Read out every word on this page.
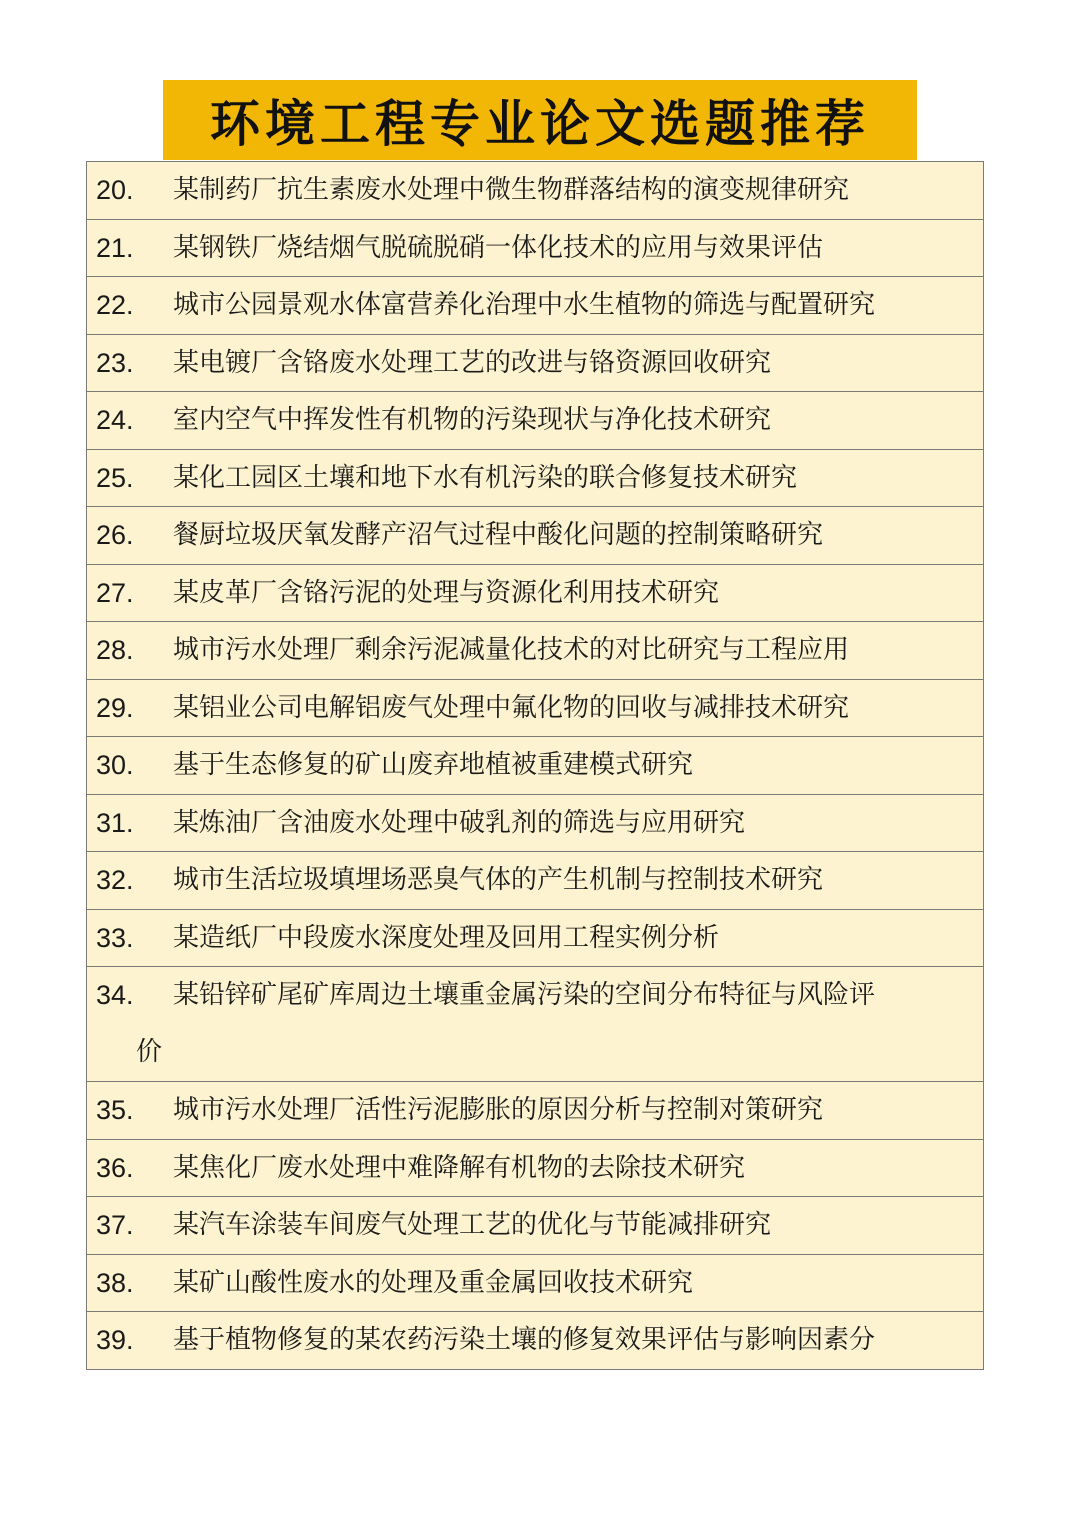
环境工程专业论文选题推荐
20. 某制药厂抗生素废水处理中微生物群落结构的演变规律研究
21. 某钢铁厂烧结烟气脱硫脱硝一体化技术的应用与效果评估
22. 城市公园景观水体富营养化治理中水生植物的筛选与配置研究
23. 某电镀厂含铬废水处理工艺的改进与铬资源回收研究
24. 室内空气中挥发性有机物的污染现状与净化技术研究
25. 某化工园区土壤和地下水有机污染的联合修复技术研究
26. 餐厨垃圾厌氧发酵产沼气过程中酸化问题的控制策略研究
27. 某皮革厂含铬污泥的处理与资源化利用技术研究
28. 城市污水处理厂剩余污泥减量化技术的对比研究与工程应用
29. 某铝业公司电解铝废气处理中氟化物的回收与减排技术研究
30. 基于生态修复的矿山废弃地植被重建模式研究
31. 某炼油厂含油废水处理中破乳剂的筛选与应用研究
32. 城市生活垃圾填埋场恶臭气体的产生机制与控制技术研究
33. 某造纸厂中段废水深度处理及回用工程实例分析
34. 某铅锌矿尾矿库周边土壤重金属污染的空间分布特征与风险评
价
35. 城市污水处理厂活性污泥膨胀的原因分析与控制对策研究
36. 某焦化厂废水处理中难降解有机物的去除技术研究
37. 某汽车涂装车间废气处理工艺的优化与节能减排研究
38. 某矿山酸性废水的处理及重金属回收技术研究
39. 基于植物修复的某农药污染土壤的修复效果评估与影响因素分
